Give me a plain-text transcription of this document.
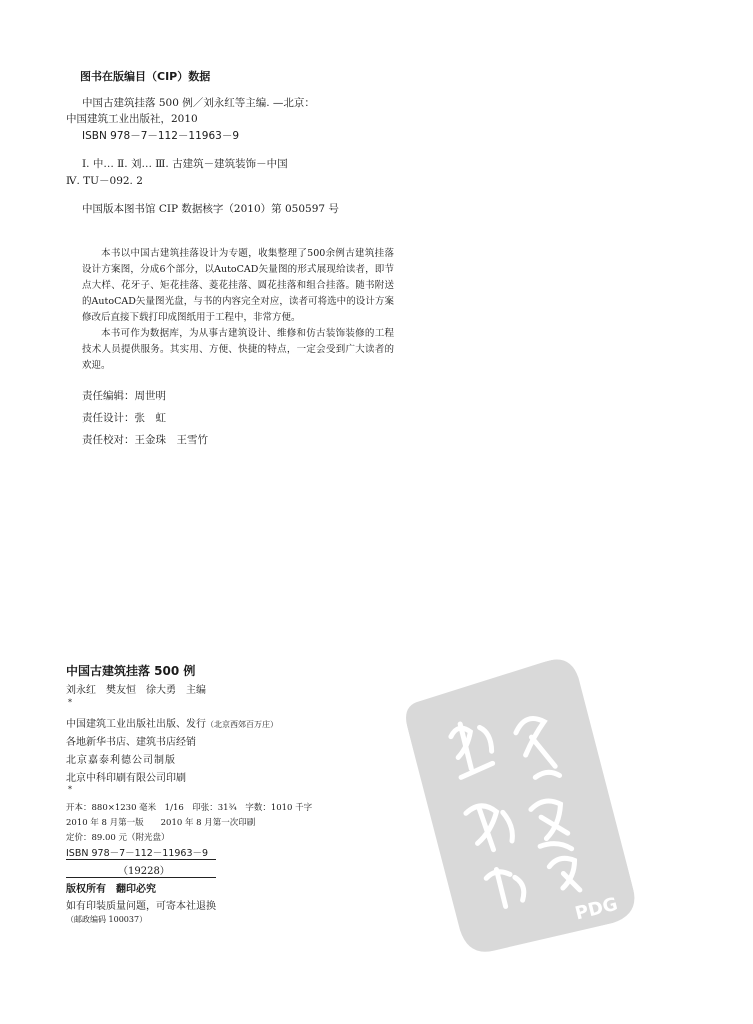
图书在版编目（CIP）数据
中国古建筑挂落 500 例／刘永红等主编. —北京：
中国建筑工业出版社，2010
ISBN 978－7－112－11963－9
Ⅰ. 中… Ⅱ. 刘… Ⅲ. 古建筑－建筑装饰－中国
Ⅳ. TU－092. 2
中国版本图书馆 CIP 数据核字（2010）第 050597 号

本书以中国古建筑挂落设计为专题，收集整理了500余例古建筑挂落设计方案图，分成6个部分，以AutoCAD矢量图的形式展现给读者，即节点大样、花牙子、矩花挂落、菱花挂落、圆花挂落和组合挂落。随书附送的AutoCAD矢量图光盘，与书的内容完全对应，读者可将选中的设计方案修改后直接下载打印成图纸用于工程中，非常方便。

本书可作为数据库，为从事古建筑设计、维修和仿古装饰装修的工程技术人员提供服务。其实用、方便、快捷的特点，一定会受到广大读者的欢迎。

责任编辑：周世明
责任设计：张　虹
责任校对：王金珠　王雪竹
中国古建筑挂落 500 例
刘永红　樊友恒　徐大勇　主编
*
中国建筑工业出版社出版、发行（北京西郊百万庄）
各地新华书店、建筑书店经销
北京嘉泰利德公司制版
北京中科印刷有限公司印刷
*
开本：880×1230 毫米　1/16　印张：31¾　字数：1010 千字
2010 年 8 月第一版　　2010 年 8 月第一次印刷
定价：89.00 元（附光盘）
ISBN 978－7－112－11963－9
（19228）
版权所有　翻印必究
如有印装质量问题，可寄本社退换
（邮政编码 100037）	PDG
